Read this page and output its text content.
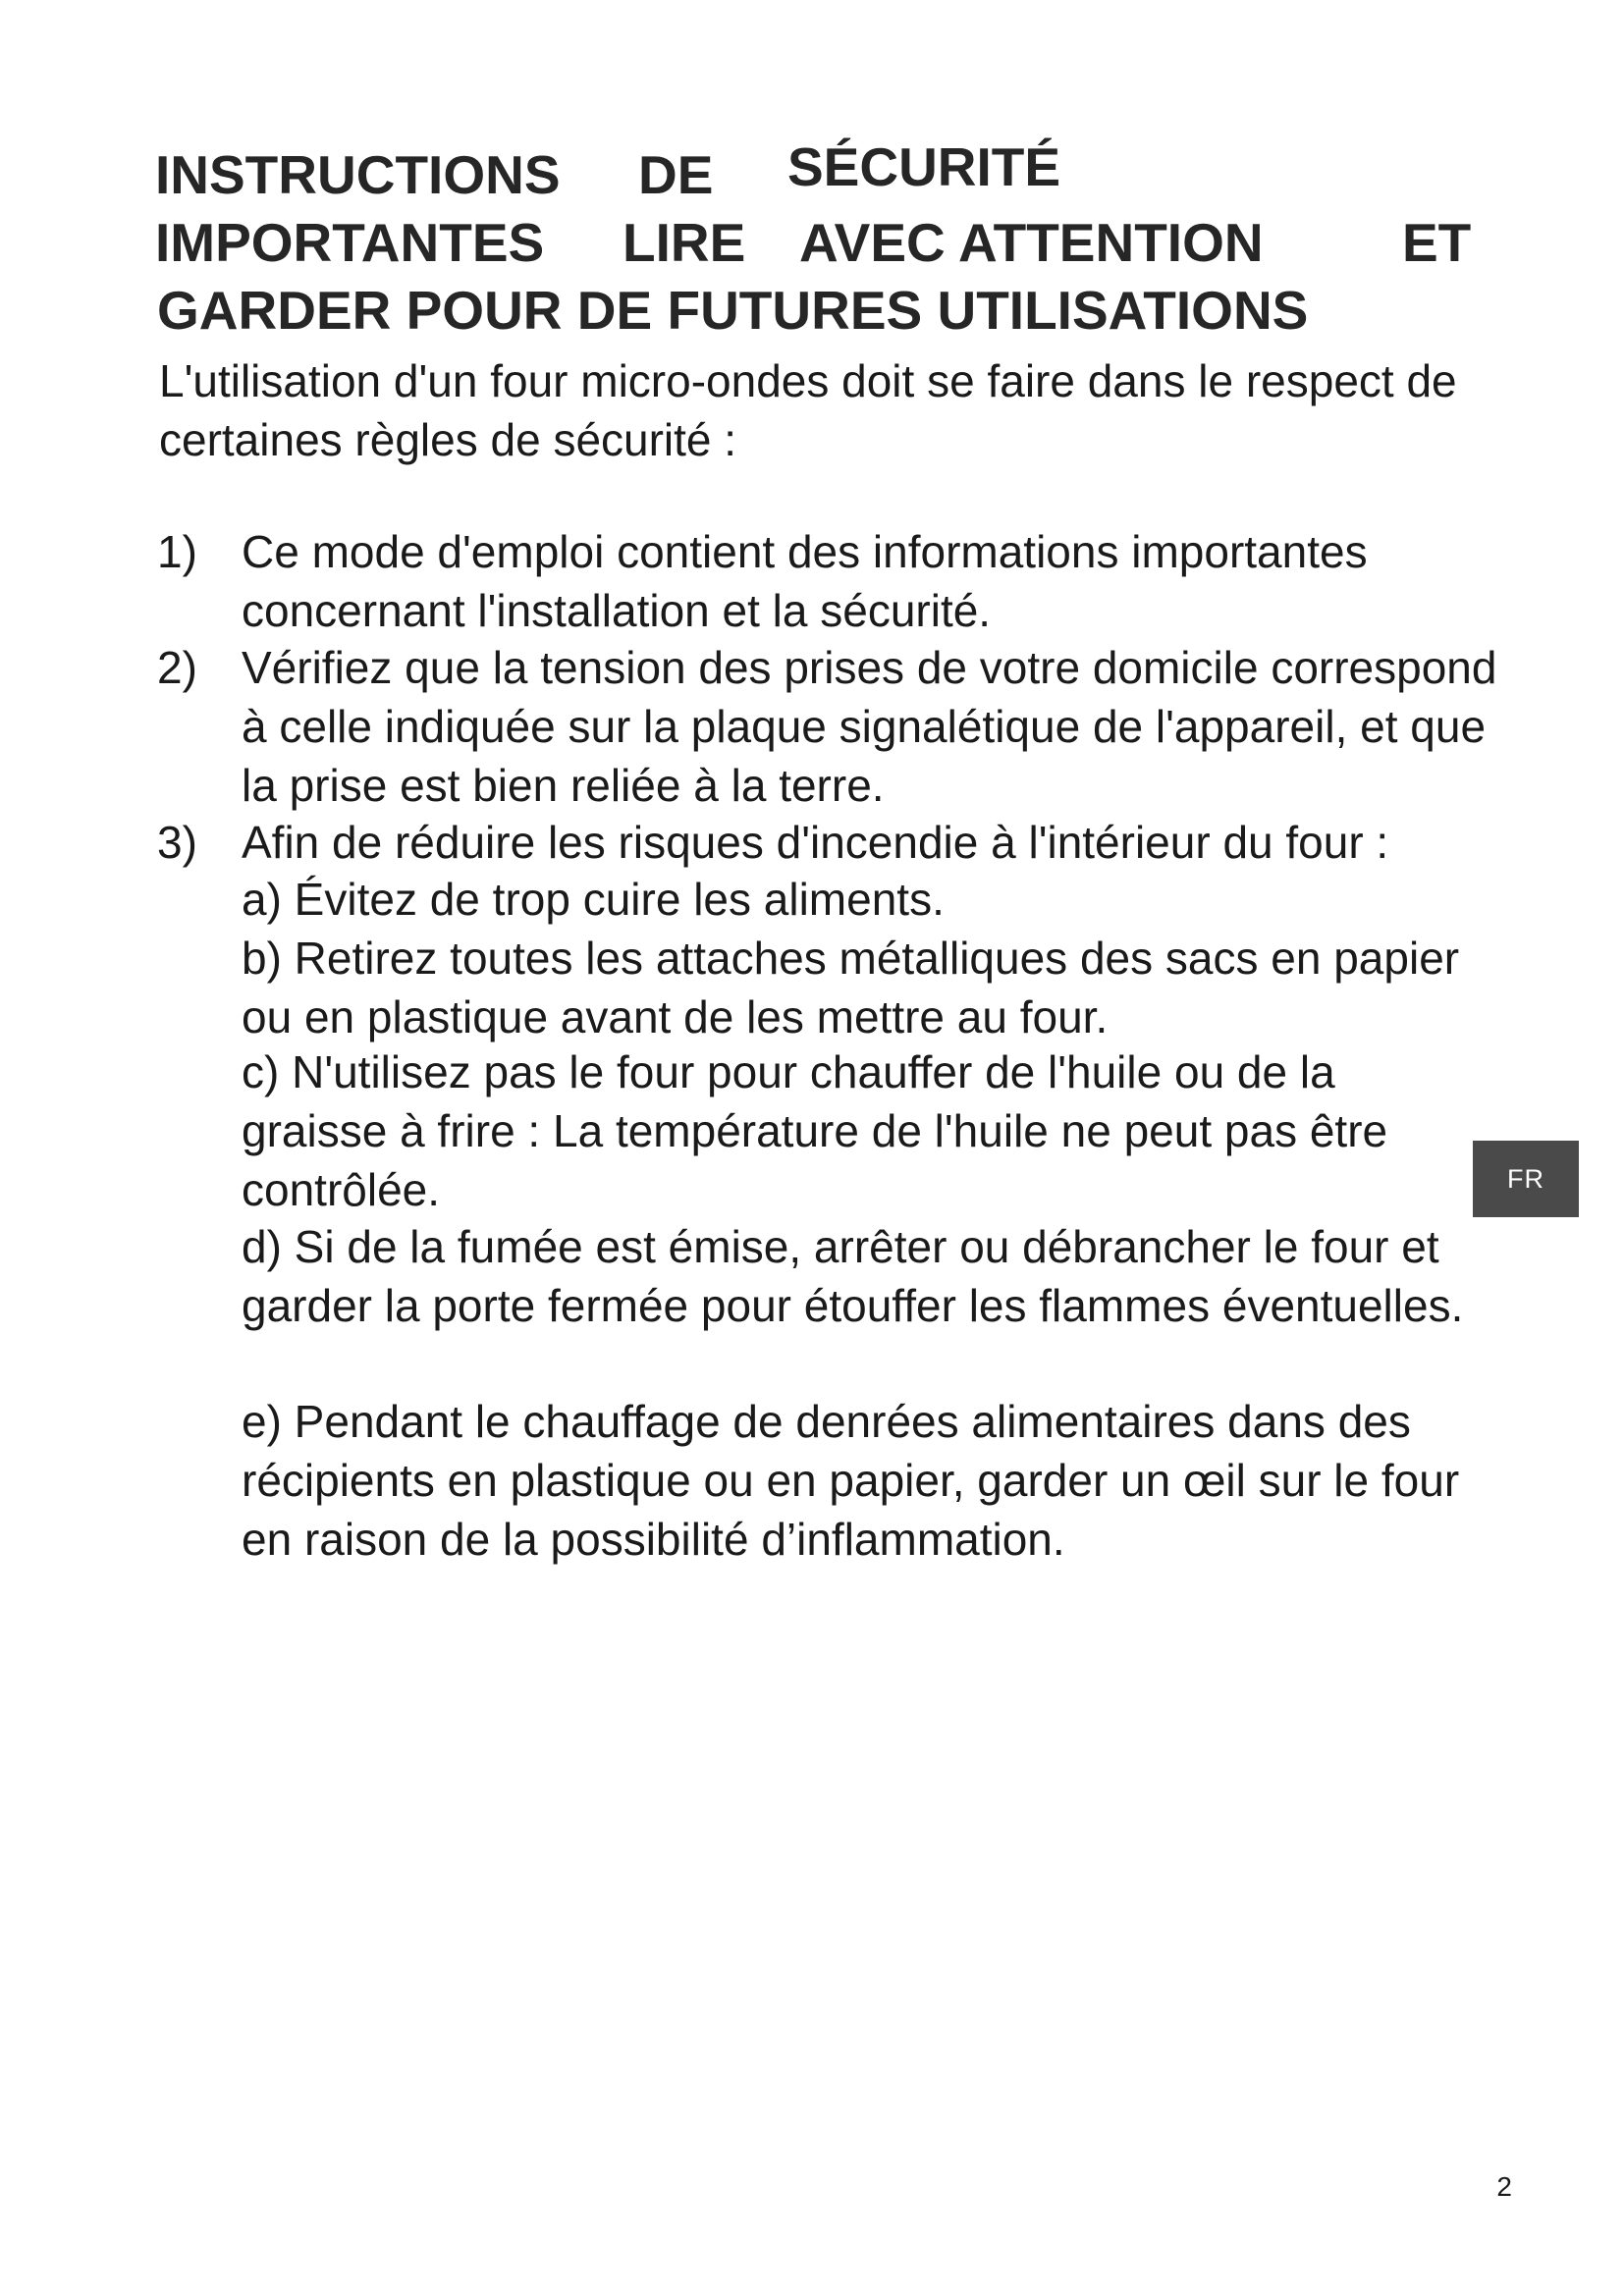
INSTRUCTIONS DE SÉCURITÉ
IMPORTANTES LIRE AVEC ATTENTION	ET
GARDER POUR DE FUTURES UTILISATIONS
L'utilisation d'un four micro-ondes doit se faire dans le respect de certaines règles de sécurité :
1) Ce mode d'emploi contient des informations importantes concernant l'installation et la sécurité.
2) Vérifiez que la tension des prises de votre domicile correspond à celle indiquée sur la plaque signalétique de l'appareil, et que la prise est bien reliée à la terre.
3) Afin de réduire les risques d'incendie à l'intérieur du four :
a) Évitez de trop cuire les aliments.
b) Retirez toutes les attaches métalliques des sacs en papier ou en plastique avant de les mettre au four.
c) N'utilisez pas le four pour chauffer de l'huile ou de la graisse à frire : La température de l'huile ne peut pas être contrôlée.
d) Si de la fumée est émise, arrêter ou débrancher le four et garder la porte fermée pour étouffer les flammes éventuelles.
e) Pendant le chauffage de denrées alimentaires dans des récipients en plastique ou en papier, garder un œil sur le four en raison de la possibilité d’inflammation.
FR
2
